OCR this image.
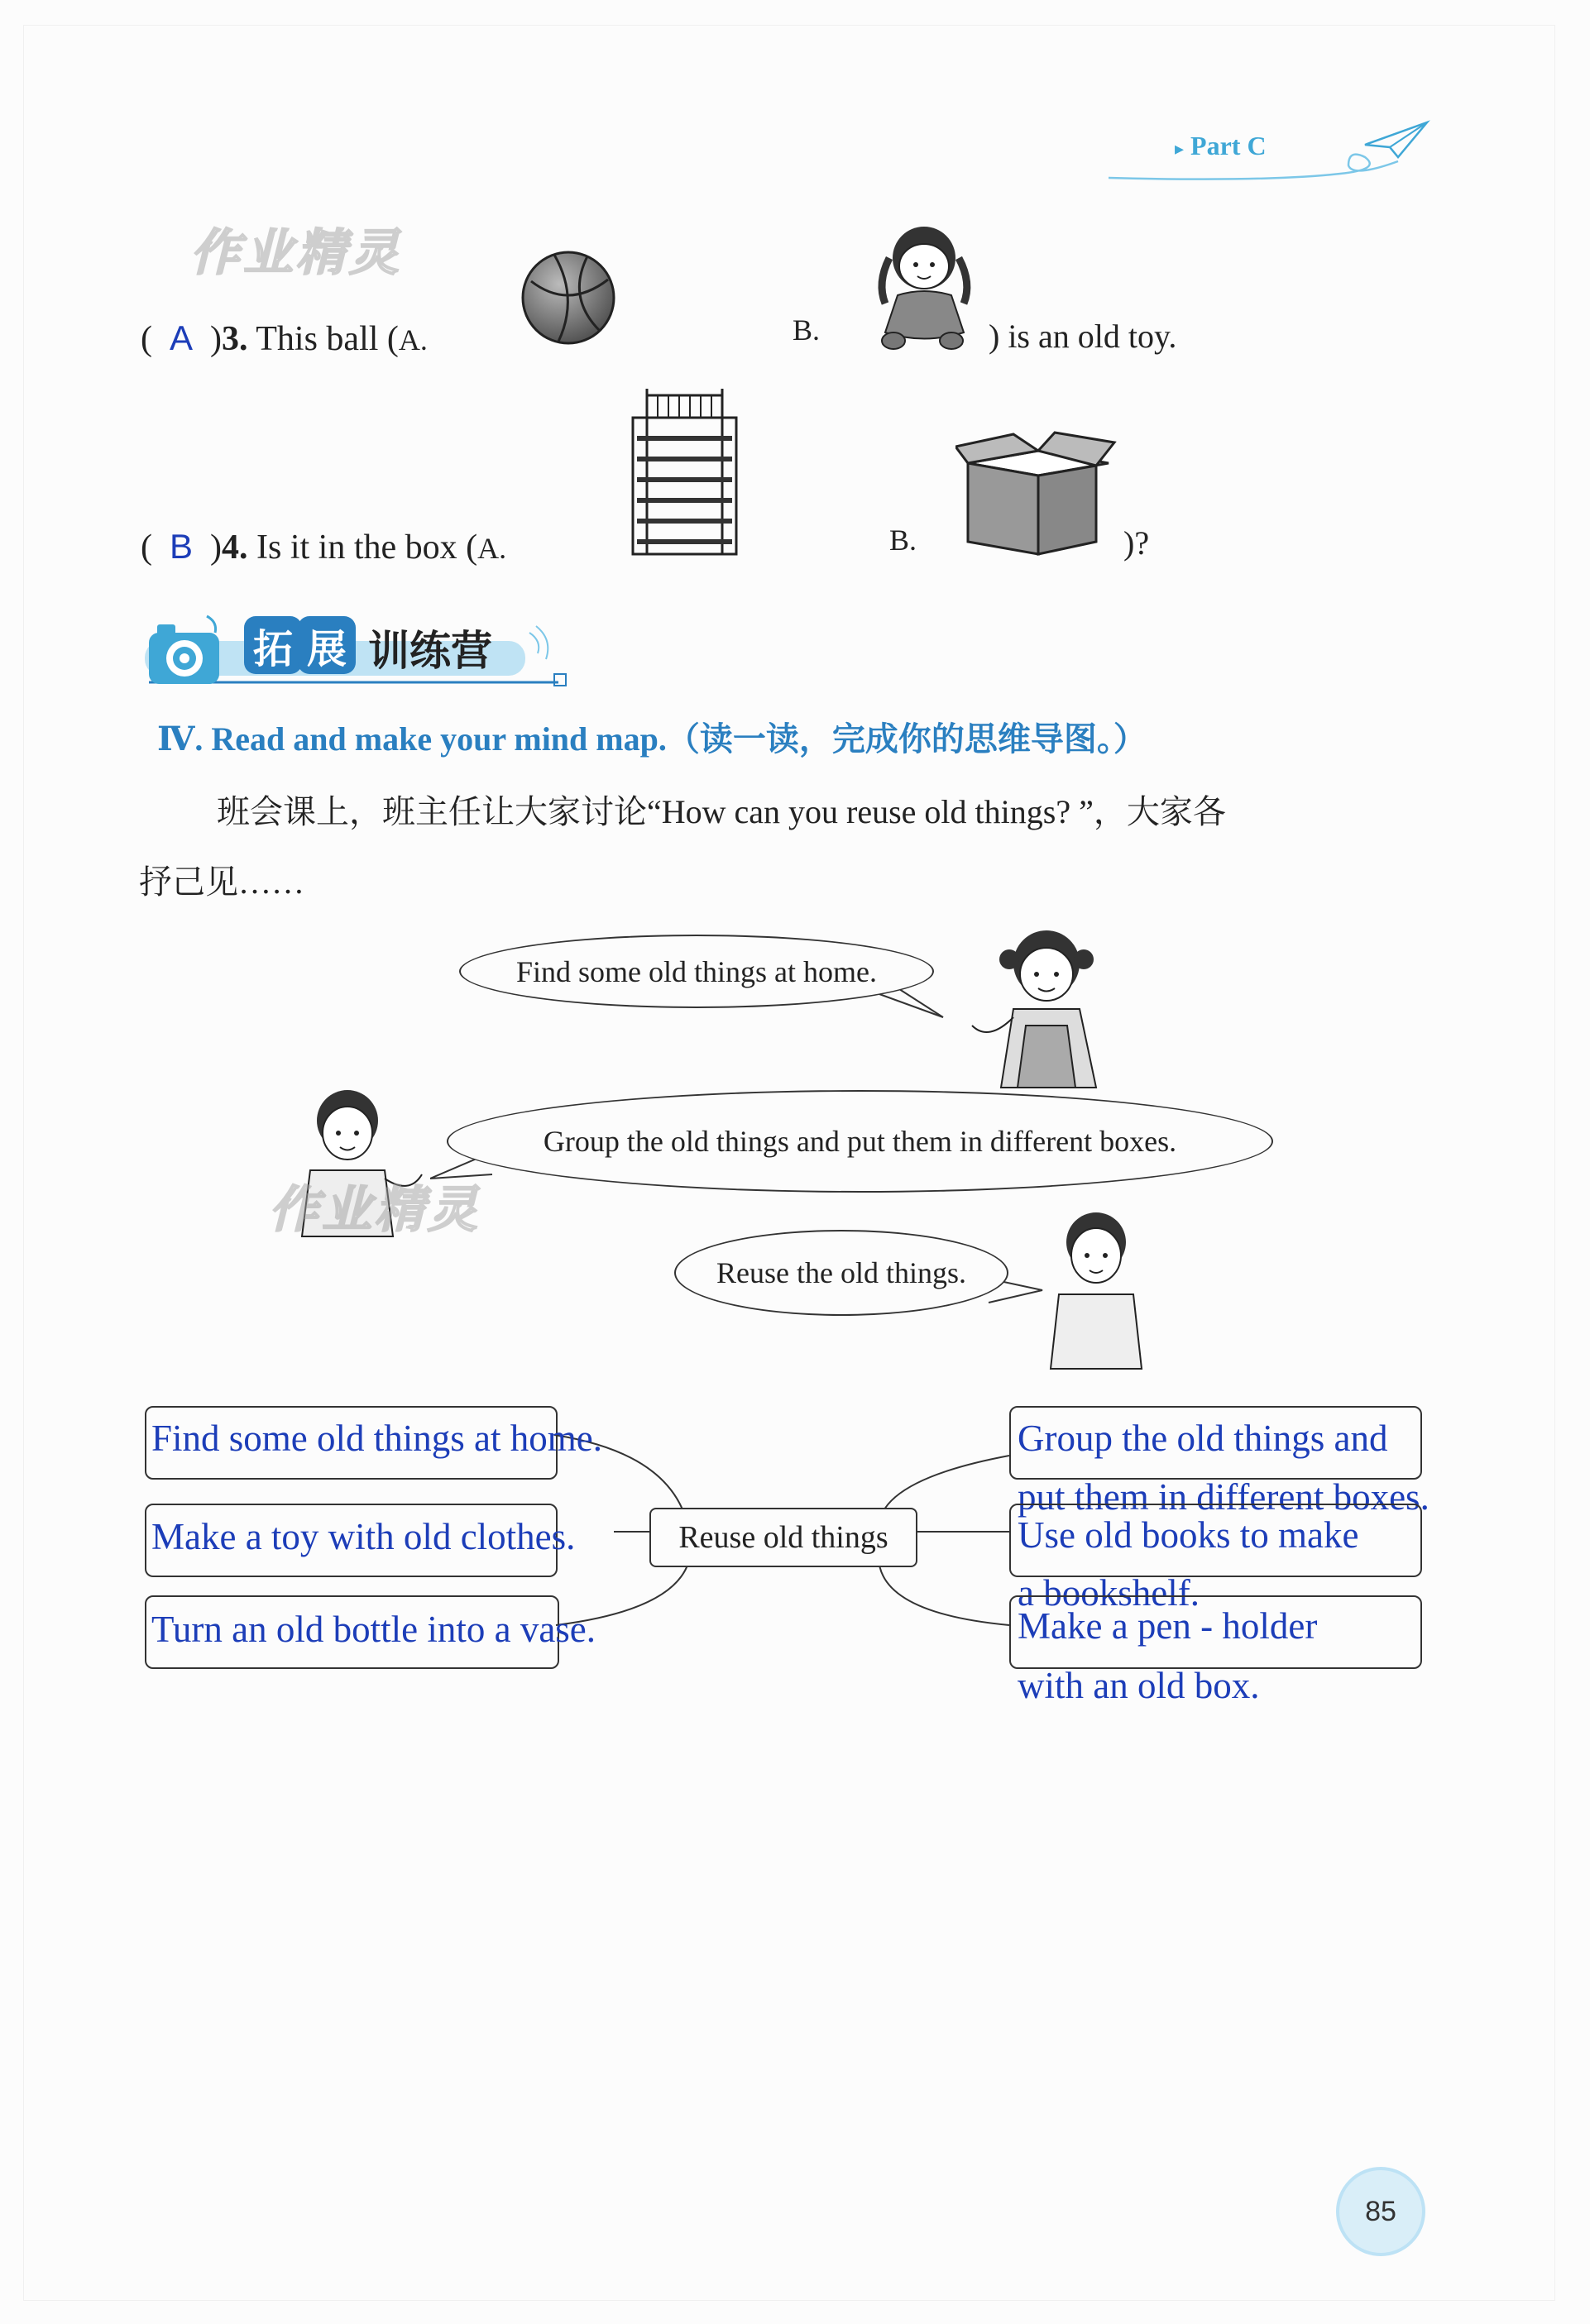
▸ Part C
作业精灵
( A )3. This ball (A.	B.	) is an old toy.
( B )4. Is it in the box (A.	B.	)?
拓 展 训练营
Ⅳ. Read and make your mind map.（读一读，完成你的思维导图。）
班会课上，班主任让大家讨论“How can you reuse old things? ”，大家各
抒己见……
Find some old things at home.
Group the old things and put them in different boxes.
作业精灵
Reuse the old things.
Find some old things at home.
Make a toy with old clothes.
Turn an old bottle into a vase.
Reuse old things
Group the old things and
put them in different boxes.
Use old books to make
a bookshelf.
Make a pen - holder
with an old box.
85
